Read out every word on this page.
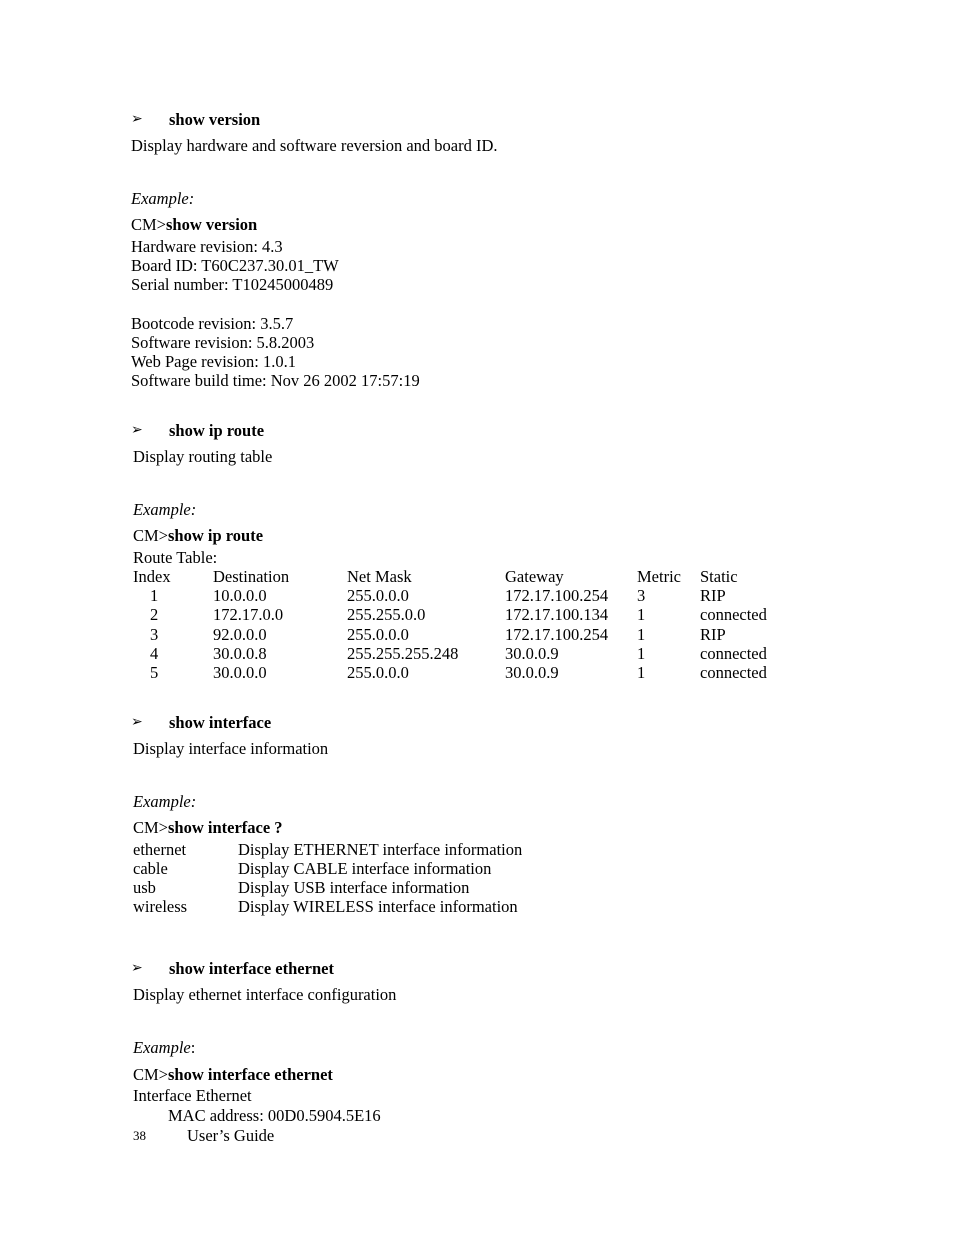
➢ show version
Display hardware and software reversion and board ID.
Example:
CM>show version
Hardware revision: 4.3
Board ID: T60C237.30.01_TW
Serial number: T10245000489
Bootcode revision: 3.5.7
Software revision: 5.8.2003
Web Page revision: 1.0.1
Software build time: Nov 26 2002 17:57:19
➢ show ip route
Display routing table
Example:
CM>show ip route
Route Table:
Index	Destination	Net Mask	Gateway	Metric Static
1	10.0.0.0	255.0.0.0	172.17.100.254 3	RIP
2	172.17.0.0	255.255.0.0	172.17.100.134 1	connected
3	92.0.0.0	255.0.0.0	172.17.100.254 1	RIP
4	30.0.0.8	255.255.255.248	30.0.0.9	1	connected
5	30.0.0.0	255.0.0.0	30.0.0.9	1	connected
➢ show interface
Display interface information
Example:
CM>show interface ?
ethernet	Display ETHERNET interface information
cable	Display CABLE interface information
usb	Display USB interface information
wireless	Display WIRELESS interface information
➢ show interface ethernet
Display ethernet interface configuration
Example:
CM>show interface ethernet
Interface Ethernet
MAC address: 00D0.5904.5E16
38 User’s Guide
